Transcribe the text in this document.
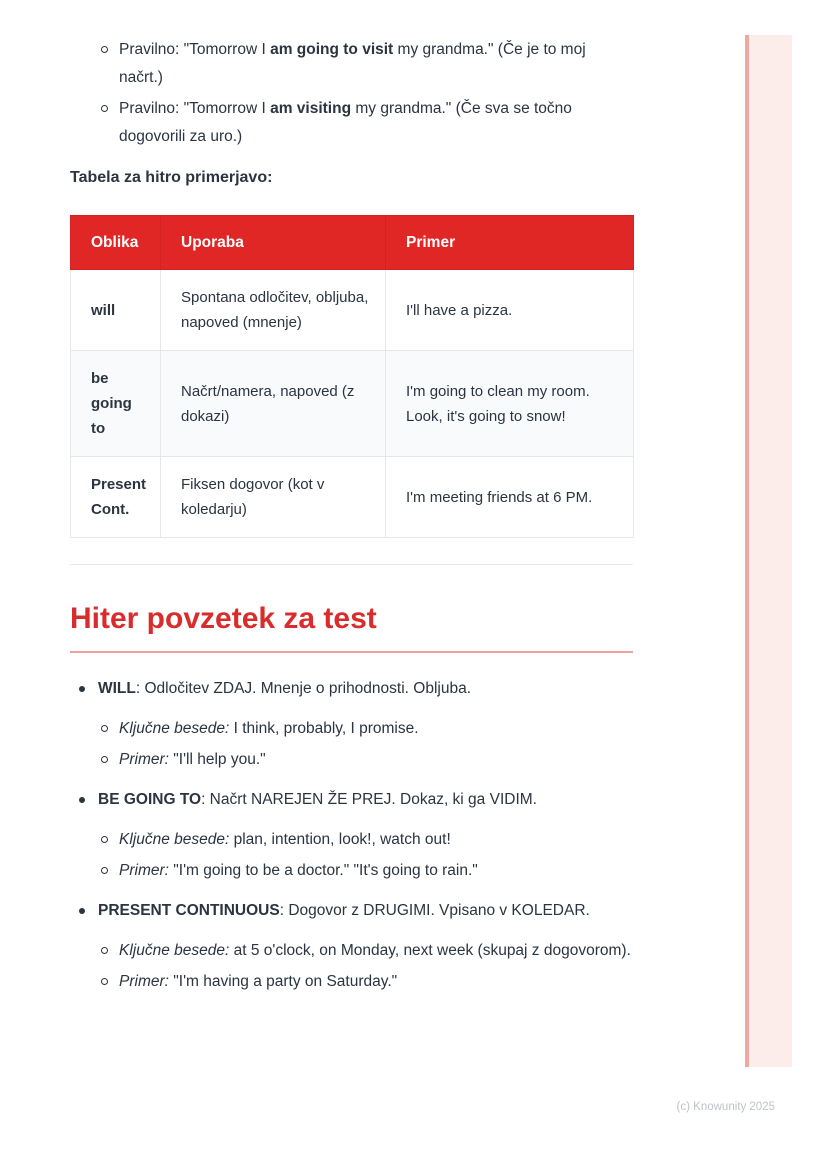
Pravilno: "Tomorrow I am going to visit my grandma." (Če je to moj načrt.)
Pravilno: "Tomorrow I am visiting my grandma." (Če sva se točno dogovorili za uro.)

Tabela za hitro primerjavo:

Oblika	Uporaba	Primer
will	Spontana odločitev, obljuba, napoved (mnenje)	I'll have a pizza.
be going to	Načrt/namera, napoved (z dokazi)	I'm going to clean my room. Look, it's going to snow!
Present Cont.	Fiksen dogovor (kot v koledarju)	I'm meeting friends at 6 PM.
Hiter povzetek za test
WILL: Odločitev ZDAJ. Mnenje o prihodnosti. Obljuba.
Ključne besede: I think, probably, I promise.
Primer: "I'll help you."
BE GOING TO: Načrt NAREJEN ŽE PREJ. Dokaz, ki ga VIDIM.
Ključne besede: plan, intention, look!, watch out!
Primer: "I'm going to be a doctor." "It's going to rain."
PRESENT CONTINUOUS: Dogovor z DRUGIMI. Vpisano v KOLEDAR.
Ključne besede: at 5 o'clock, on Monday, next week (skupaj z dogovorom).
Primer: "I'm having a party on Saturday."
(c) Knowunity 2025
